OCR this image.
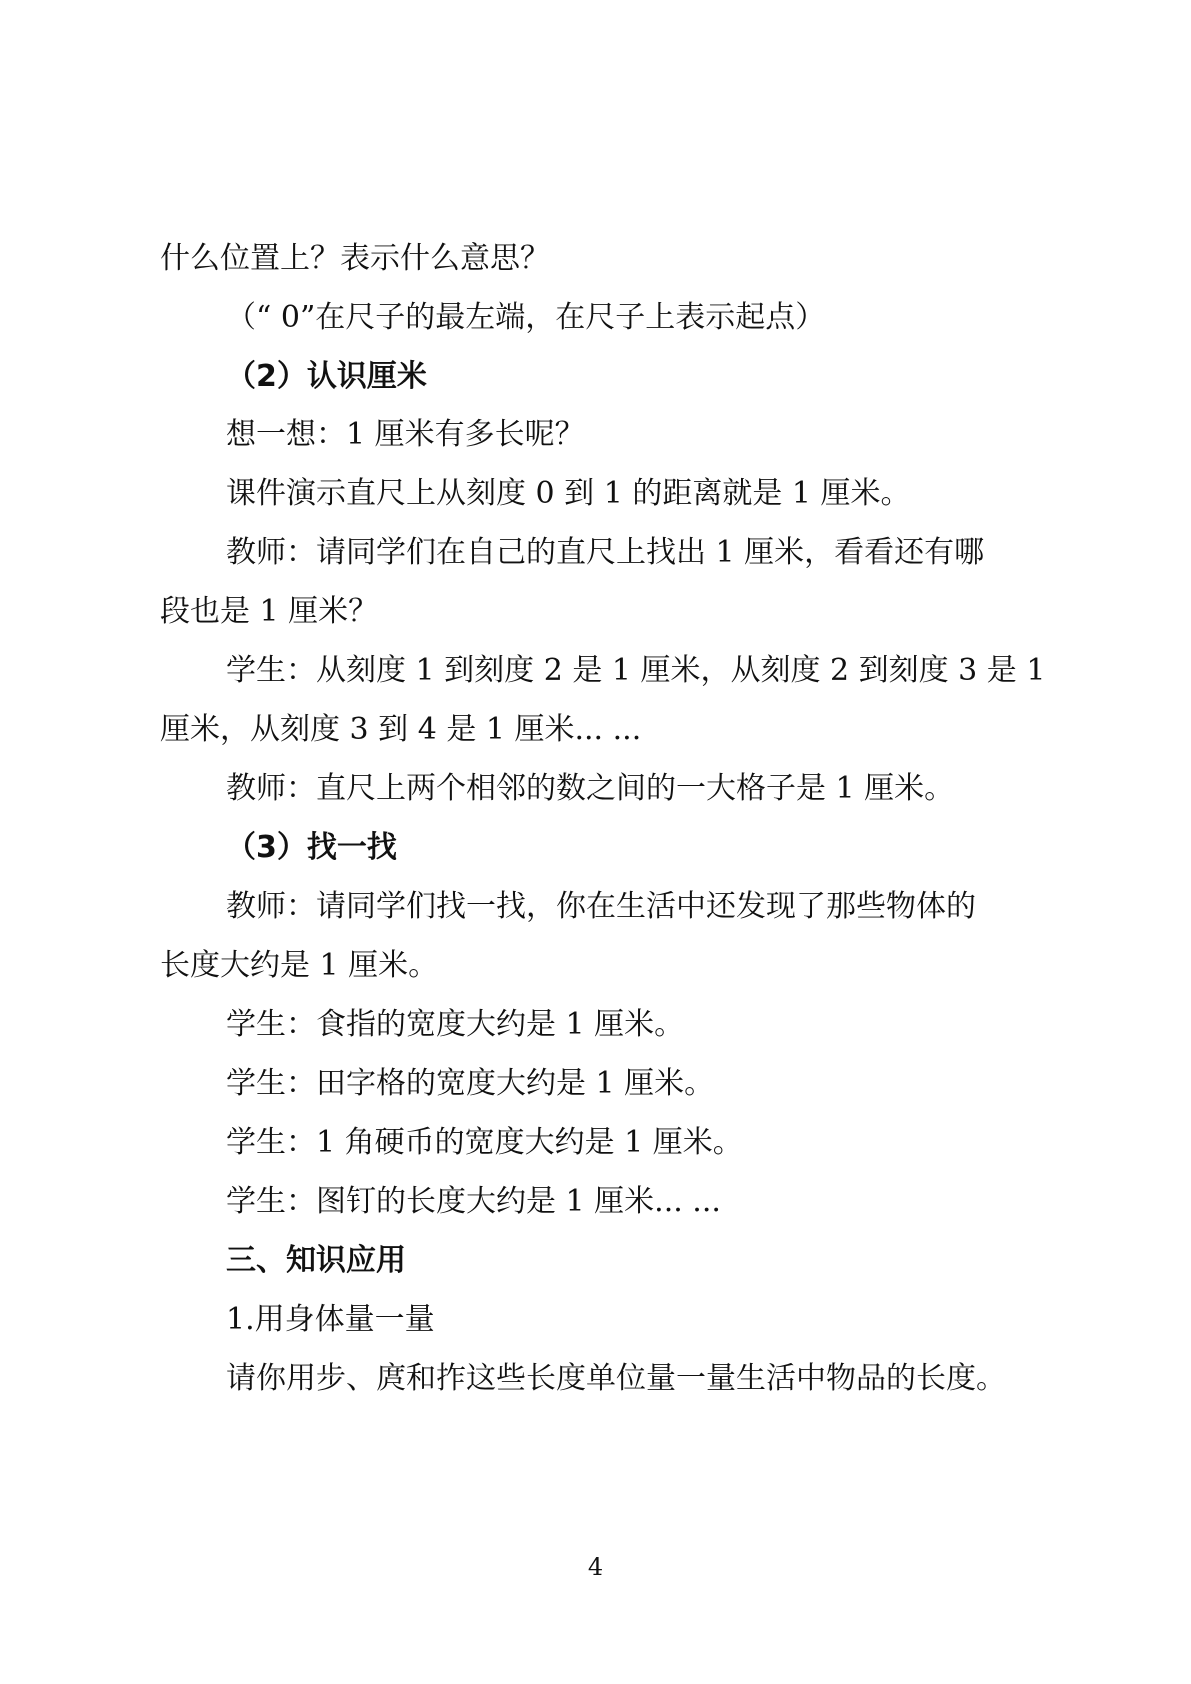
什么位置上？表示什么意思？
（“ 0”在尺子的最左端，在尺子上表示起点）
（2）认识厘米
想一想：1 厘米有多长呢？
课件演示直尺上从刻度 0 到 1 的距离就是 1 厘米。
教师：请同学们在自己的直尺上找出 1 厘米，看看还有哪
段也是 1 厘米？
学生：从刻度 1 到刻度 2 是 1 厘米，从刻度 2 到刻度 3 是 1
厘米，从刻度 3 到 4 是 1 厘米... ...
教师：直尺上两个相邻的数之间的一大格子是 1 厘米。
（3）找一找
教师：请同学们找一找，你在生活中还发现了那些物体的
长度大约是 1 厘米。
学生：食指的宽度大约是 1 厘米。
学生：田字格的宽度大约是 1 厘米。
学生：1 角硬币的宽度大约是 1 厘米。
学生：图钉的长度大约是 1 厘米... ...
三、知识应用
1.用身体量一量
请你用步、庹和拃这些长度单位量一量生活中物品的长度。
4
